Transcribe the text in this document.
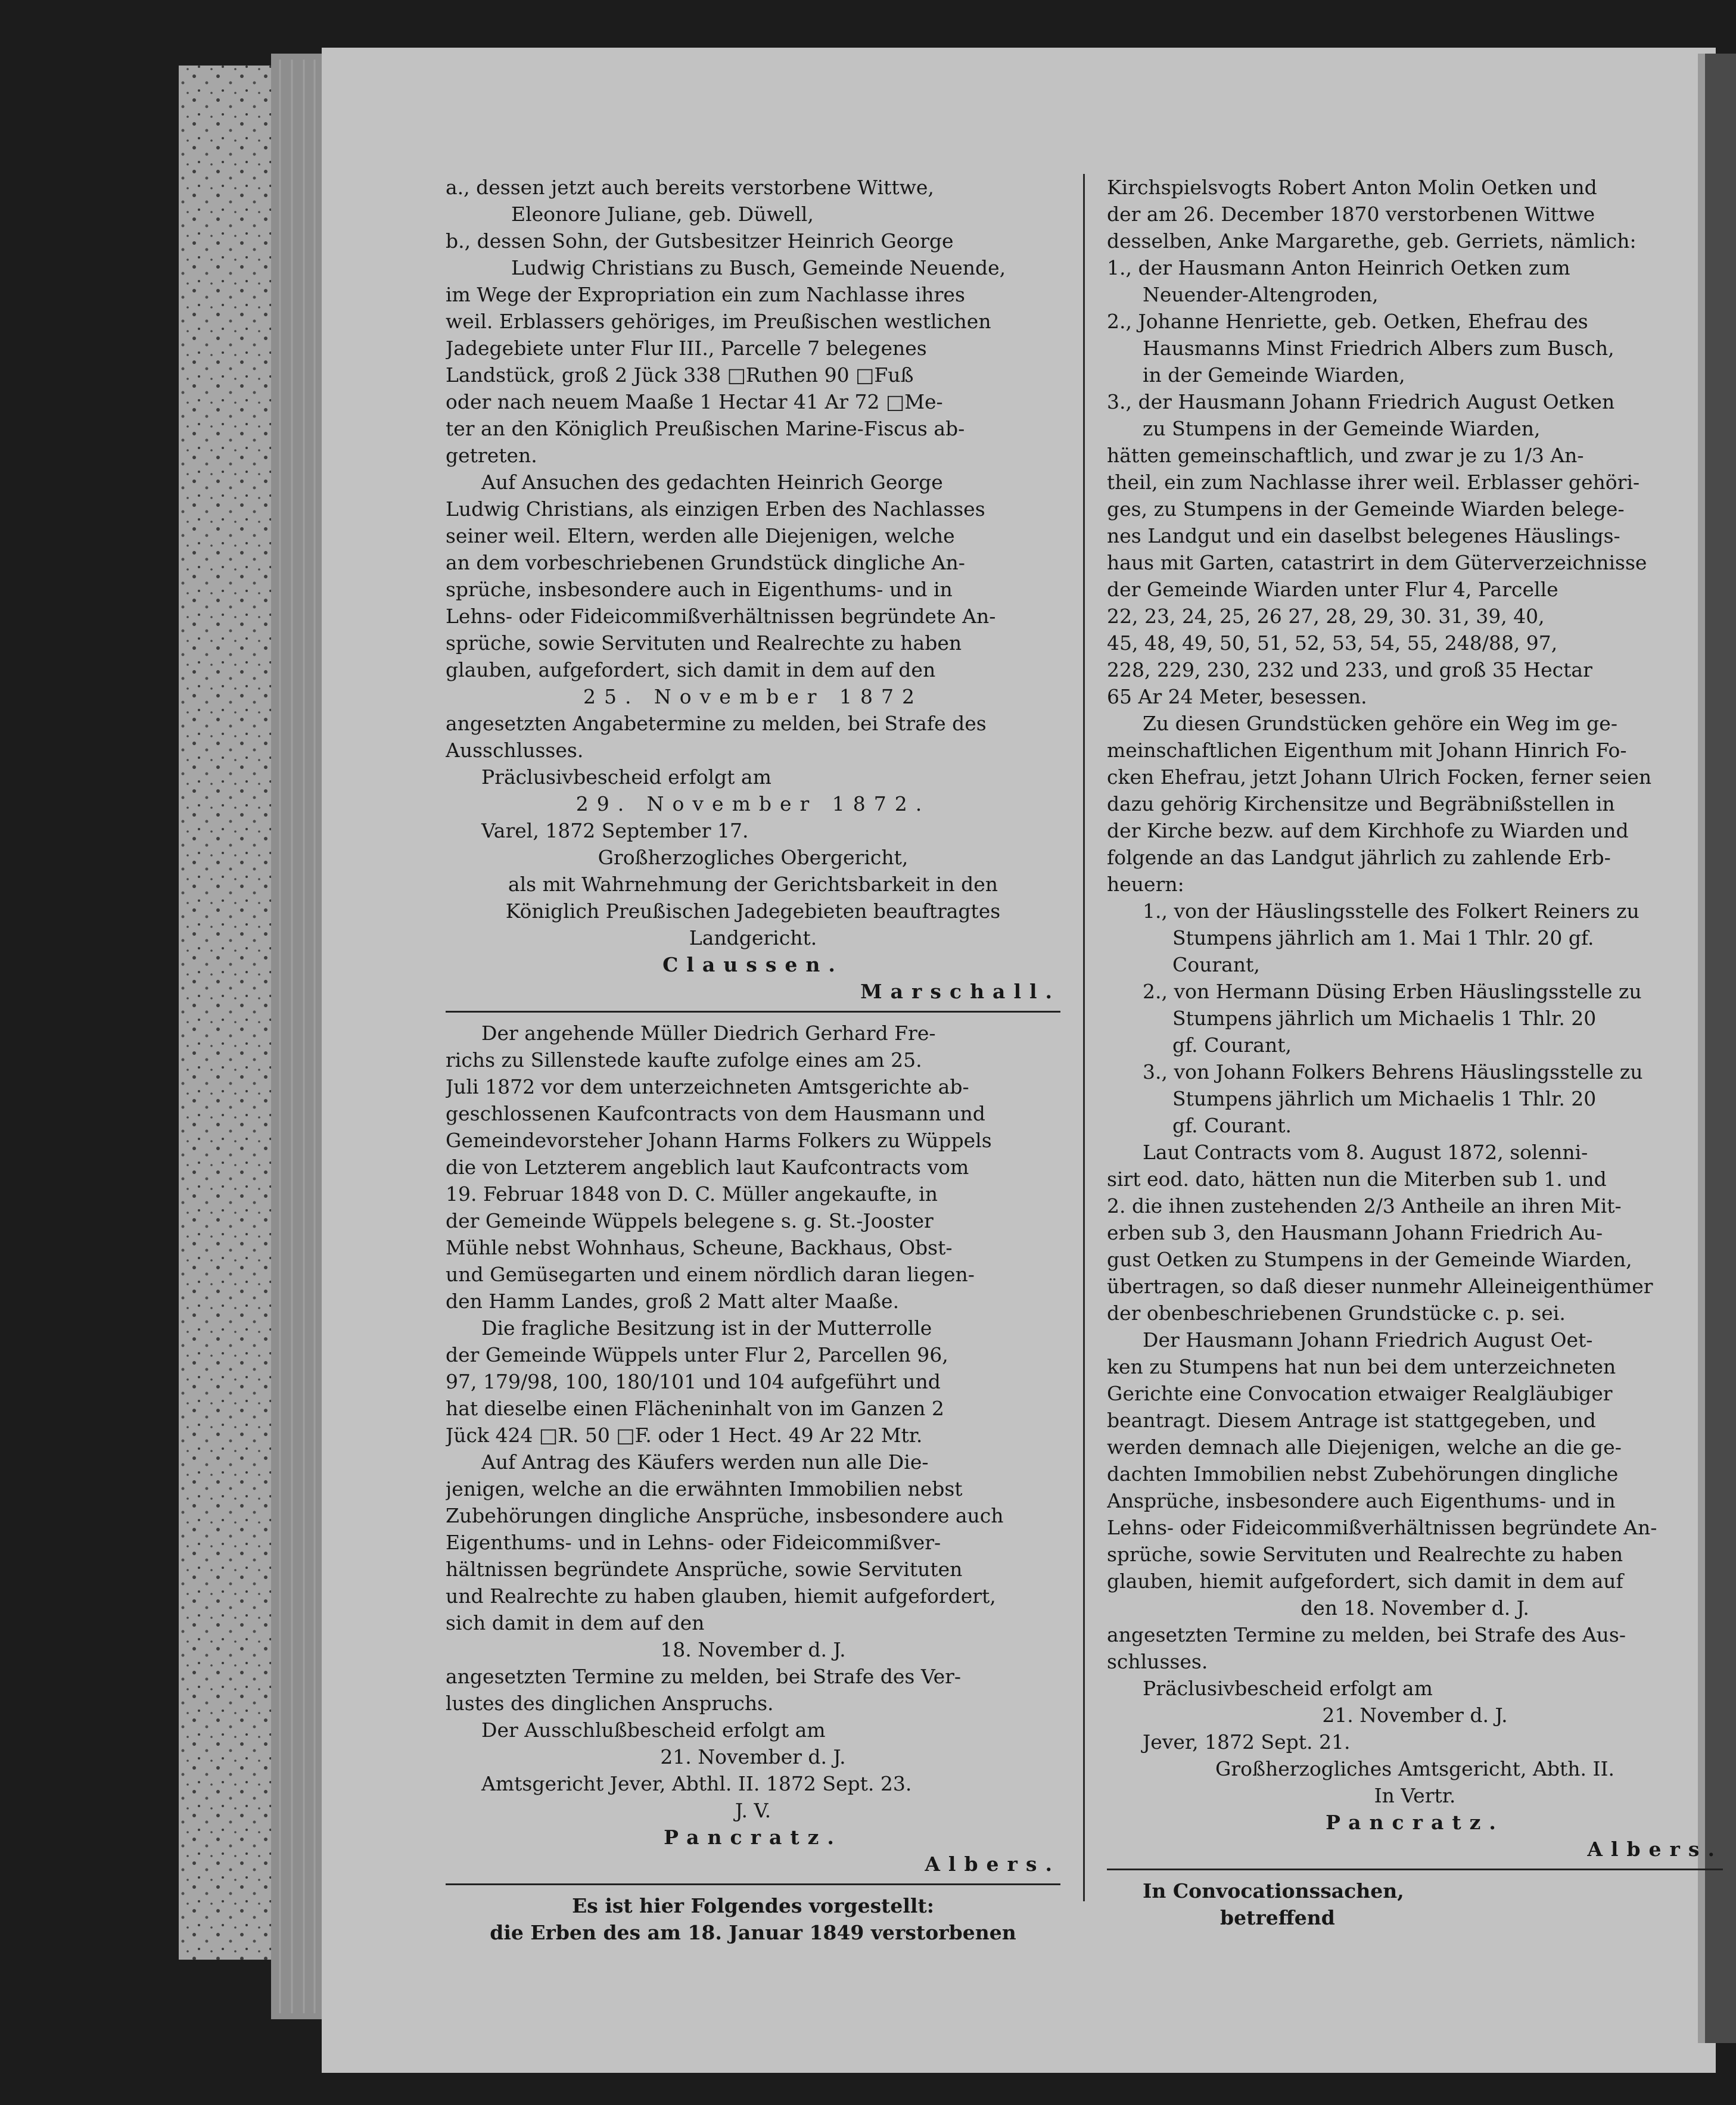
a., dessen jetzt auch bereits verstorbene Wittwe,
Eleonore Juliane, geb. Düwell,
b., dessen Sohn, der Gutsbesitzer Heinrich George
Ludwig Christians zu Busch, Gemeinde Neuende,
im Wege der Expropriation ein zum Nachlasse ihres
weil. Erblassers gehöriges, im Preußischen westlichen
Jadegebiete unter Flur III., Parcelle 7 belegenes
Landstück, groß 2 Jück 338 □Ruthen 90 □Fuß
oder nach neuem Maaße 1 Hectar 41 Ar 72 □Me-
ter an den Königlich Preußischen Marine-Fiscus ab-
getreten.
Auf Ansuchen des gedachten Heinrich George
Ludwig Christians, als einzigen Erben des Nachlasses
seiner weil. Eltern, werden alle Diejenigen, welche
an dem vorbeschriebenen Grundstück dingliche An-
sprüche, insbesondere auch in Eigenthums- und in
Lehns- oder Fideicommißverhältnissen begründete An-
sprüche, sowie Servituten und Realrechte zu haben
glauben, aufgefordert, sich damit in dem auf den
25. November 1872
angesetzten Angabetermine zu melden, bei Strafe des
Ausschlusses.
Präclusivbescheid erfolgt am
29. November 1872.
Varel, 1872 September 17.
Großherzogliches Obergericht,
als mit Wahrnehmung der Gerichtsbarkeit in den
Königlich Preußischen Jadegebieten beauftragtes
Landgericht.
Claussen.
Marschall.
Der angehende Müller Diedrich Gerhard Fre-
richs zu Sillenstede kaufte zufolge eines am 25.
Juli 1872 vor dem unterzeichneten Amtsgerichte ab-
geschlossenen Kaufcontracts von dem Hausmann und
Gemeindevorsteher Johann Harms Folkers zu Wüppels
die von Letzterem angeblich laut Kaufcontracts vom
19. Februar 1848 von D. C. Müller angekaufte, in
der Gemeinde Wüppels belegene s. g. St.-Jooster
Mühle nebst Wohnhaus, Scheune, Backhaus, Obst-
und Gemüsegarten und einem nördlich daran liegen-
den Hamm Landes, groß 2 Matt alter Maaße.
Die fragliche Besitzung ist in der Mutterrolle
der Gemeinde Wüppels unter Flur 2, Parcellen 96,
97, 179/98, 100, 180/101 und 104 aufgeführt und
hat dieselbe einen Flächeninhalt von im Ganzen 2
Jück 424 □R. 50 □F. oder 1 Hect. 49 Ar 22 Mtr.
Auf Antrag des Käufers werden nun alle Die-
jenigen, welche an die erwähnten Immobilien nebst
Zubehörungen dingliche Ansprüche, insbesondere auch
Eigenthums- und in Lehns- oder Fideicommißver-
hältnissen begründete Ansprüche, sowie Servituten
und Realrechte zu haben glauben, hiemit aufgefordert,
sich damit in dem auf den
18. November d. J.
angesetzten Termine zu melden, bei Strafe des Ver-
lustes des dinglichen Anspruchs.
Der Ausschlußbescheid erfolgt am
21. November d. J.
Amtsgericht Jever, Abthl. II. 1872 Sept. 23.
J. V.
Pancratz.
Albers.
Es ist hier Folgendes vorgestellt:
die Erben des am 18. Januar 1849 verstorbenen
Kirchspielsvogts Robert Anton Molin Oetken und
der am 26. December 1870 verstorbenen Wittwe
desselben, Anke Margarethe, geb. Gerriets, nämlich:
1., der Hausmann Anton Heinrich Oetken zum
Neuender-Altengroden,
2., Johanne Henriette, geb. Oetken, Ehefrau des
Hausmanns Minst Friedrich Albers zum Busch,
in der Gemeinde Wiarden,
3., der Hausmann Johann Friedrich August Oetken
zu Stumpens in der Gemeinde Wiarden,
hätten gemeinschaftlich, und zwar je zu 1/3 An-
theil, ein zum Nachlasse ihrer weil. Erblasser gehöri-
ges, zu Stumpens in der Gemeinde Wiarden belege-
nes Landgut und ein daselbst belegenes Häuslings-
haus mit Garten, catastrirt in dem Güterverzeichnisse
der Gemeinde Wiarden unter Flur 4, Parcelle
22, 23, 24, 25, 26 27, 28, 29, 30. 31, 39, 40,
45, 48, 49, 50, 51, 52, 53, 54, 55, 248/88, 97,
228, 229, 230, 232 und 233, und groß 35 Hectar
65 Ar 24 Meter, besessen.
Zu diesen Grundstücken gehöre ein Weg im ge-
meinschaftlichen Eigenthum mit Johann Hinrich Fo-
cken Ehefrau, jetzt Johann Ulrich Focken, ferner seien
dazu gehörig Kirchensitze und Begräbnißstellen in
der Kirche bezw. auf dem Kirchhofe zu Wiarden und
folgende an das Landgut jährlich zu zahlende Erb-
heuern:
1., von der Häuslingsstelle des Folkert Reiners zu
Stumpens jährlich am 1. Mai 1 Thlr. 20 gf.
Courant,
2., von Hermann Düsing Erben Häuslingsstelle zu
Stumpens jährlich um Michaelis 1 Thlr. 20
gf. Courant,
3., von Johann Folkers Behrens Häuslingsstelle zu
Stumpens jährlich um Michaelis 1 Thlr. 20
gf. Courant.
Laut Contracts vom 8. August 1872, solenni-
sirt eod. dato, hätten nun die Miterben sub 1. und
2. die ihnen zustehenden 2/3 Antheile an ihren Mit-
erben sub 3, den Hausmann Johann Friedrich Au-
gust Oetken zu Stumpens in der Gemeinde Wiarden,
übertragen, so daß dieser nunmehr Alleineigenthümer
der obenbeschriebenen Grundstücke c. p. sei.
Der Hausmann Johann Friedrich August Oet-
ken zu Stumpens hat nun bei dem unterzeichneten
Gerichte eine Convocation etwaiger Realgläubiger
beantragt. Diesem Antrage ist stattgegeben, und
werden demnach alle Diejenigen, welche an die ge-
dachten Immobilien nebst Zubehörungen dingliche
Ansprüche, insbesondere auch Eigenthums- und in
Lehns- oder Fideicommißverhältnissen begründete An-
sprüche, sowie Servituten und Realrechte zu haben
glauben, hiemit aufgefordert, sich damit in dem auf
den 18. November d. J.
angesetzten Termine zu melden, bei Strafe des Aus-
schlusses.
Präclusivbescheid erfolgt am
21. November d. J.
Jever, 1872 Sept. 21.
Großherzogliches Amtsgericht, Abth. II.
In Vertr.
Pancratz.
Albers.
In Convocationssachen,
betreffend
